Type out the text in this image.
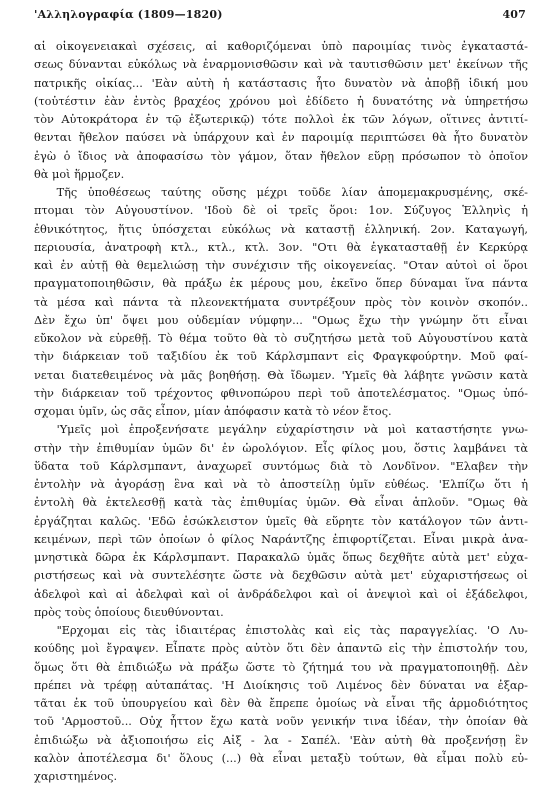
'Αλληλογραφία (1809—1820)	407

αἱ οἰκογενειακαὶ σχέσεις, αἱ καθοριζόμεναι ὑπὸ παροιμίας τινὸς ἐγκαταστά-
σεως δύνανται εὐκόλως νὰ ἐναρμονισθῶσιν καὶ νὰ ταυτισθῶσιν μετ' ἐκείνων τῆς
πατρικῆς οἰκίας... 'Εὰν αὐτὴ ἡ κατάστασις ἦτο δυνατὸν νὰ ἀποβῇ ἰδική μου
(τοὐτέστιν ἐὰν ἐντὸς βραχέος χρόνου μοὶ ἐδίδετο ἡ δυνατότης νὰ ὑπηρετήσω
τὸν Αὐτοκράτορα ἐν τῷ ἐξωτερικῷ) τότε πολλοὶ ἐκ τῶν λόγων, οἵτινες ἀντιτί-
θενται ἤθελον παύσει νὰ ὑπάρχουν καὶ ἐν παροιμίᾳ περιπτώσει θὰ ἦτο δυνατὸν
ἐγὼ ὁ ἴδιος νὰ ἀποφασίσω τὸν γάμον, ὅταν ἤθελον εὕρῃ πρόσωπον τὸ ὁποῖον
θὰ μοὶ ἥρμοζεν.

Τῆς ὑποθέσεως ταύτης οὔσης μέχρι τοῦδε λίαν ἀπομεμακρυσμένης, σκέ-
πτομαι τὸν Αὐγουστίνον. 'Ιδοὺ δὲ οἱ τρεῖς ὅροι: 1ον. Σύζυγος Ἑλληνὶς ἡ
ἐθνικότητος, ἥτις ὑπόσχεται εὐκόλως νὰ καταστῇ ἑλληνική. 2ον. Καταγωγή,
περιουσία, ἀνατροφὴ κτλ., κτλ., κτλ. 3ον. "Οτι θὰ ἐγκατασταθῇ ἐν Κερκύρᾳ
καὶ ἐν αὐτῇ θὰ θεμελιώσῃ τὴν συνέχισιν τῆς οἰκογενείας. "Οταν αὐτοὶ οἱ ὅροι
πραγματοποιηθῶσιν, θὰ πράξω ἐκ μέρους μου, ἐκεῖνο ὅπερ δύναμαι ἵνα πάντα
τὰ μέσα καὶ πάντα τὰ πλεονεκτήματα συντρέξουν πρὸς τὸν κοινὸν σκοπόν..
Δὲν ἔχω ὑπ' ὄψει μου οὐδεμίαν νύμφην... "Ομως ἔχω τὴν γνώμην ὅτι εἶναι
εὔκολον νὰ εὑρεθῇ. Τὸ θέμα τοῦτο θὰ τὸ συζητήσω μετὰ τοῦ Αὐγουστίνου κατὰ
τὴν διάρκειαν τοῦ ταξιδίου ἐκ τοῦ Κάρλσμπαντ εἰς Φραγκφούρτην. Μοῦ φαί-
νεται διατεθειμένος νὰ μᾶς βοηθήσῃ. Θὰ ἴδωμεν. 'Υμεῖς θὰ λάβητε γνῶσιν κατὰ
τὴν διάρκειαν τοῦ τρέχοντος φθινοπώρου περὶ τοῦ ἀποτελέσματος. "Ομως ὑπό-
σχομαι ὑμῖν, ὡς σᾶς εἶπον, μίαν ἀπόφασιν κατὰ τὸ νέον ἔτος.

'Υμεῖς μοὶ ἐπροξενήσατε μεγάλην εὐχαρίστησιν νὰ μοὶ καταστήσητε γνω-
στὴν τὴν ἐπιθυμίαν ὑμῶν δι' ἐν ὡρολόγιον. Εἷς φίλος μου, ὅστις λαμβάνει τὰ
ὕδατα τοῦ Κάρλσμπαντ, ἀναχωρεῖ συντόμως διὰ τὸ Λονδῖνον. "Ελαβεν τὴν
ἐντολὴν νὰ ἀγοράσῃ ἓνα καὶ νὰ τὸ ἀποστείλῃ ὑμῖν εὐθέως. 'Ελπίζω ὅτι ἡ
ἐντολὴ θὰ ἐκτελεσθῇ κατὰ τὰς ἐπιθυμίας ὑμῶν. Θὰ εἶναι ἁπλοῦν. "Ομως θὰ
ἐργάζηται καλῶς. 'Εδῶ ἐσώκλειστον ὑμεῖς θὰ εὕρητε τὸν κατάλογον τῶν ἀντι-
κειμένων, περὶ τῶν ὁποίων ὁ φίλος Ναράντζης ἐπιφορτίζεται. Εἶναι μικρὰ ἀνα-
μνηστικὰ δῶρα ἐκ Κάρλσμπαντ. Παρακαλῶ ὑμᾶς ὅπως δεχθῆτε αὐτὰ μετ' εὐχα-
ριστήσεως καὶ νὰ συντελέσητε ὥστε νὰ δεχθῶσιν αὐτὰ μετ' εὐχαριστήσεως οἱ
ἀδελφοὶ καὶ αἱ ἀδελφαὶ καὶ οἱ ἀνδράδελφοι καὶ οἱ ἀνεψιοὶ καὶ οἱ ἐξάδελφοι,
πρὸς τοὺς ὁποίους διευθύνονται.

"Ερχομαι εἰς τὰς ἰδιαιτέρας ἐπιστολὰς καὶ εἰς τὰς παραγγελίας. 'Ο Λυ-
κούδης μοὶ ἔγραψεν. Εἶπατε πρὸς αὐτὸν ὅτι δὲν ἀπαντῶ εἰς τὴν ἐπιστολήν του,
ὅμως ὅτι θὰ ἐπιδιώξω νὰ πράξω ὥστε τὸ ζήτημά του νὰ πραγματοποιηθῇ. Δὲν
πρέπει νὰ τρέφῃ αὐταπάτας. 'Η Διοίκησις τοῦ Λιμένος δὲν δύναται να ἐξαρ-
τᾶται ἐκ τοῦ ὑπουργείου καὶ δὲν θὰ ἔπρεπε ὁμοίως νὰ εἶναι τῆς ἁρμοδιότητος
τοῦ 'Αρμοστοῦ... Οὐχ ἧττον ἔχω κατὰ νοῦν γενικήν τινα ἰδέαν, τὴν ὁποίαν θὰ
ἐπιδιώξω νὰ ἀξιοποιήσω εἰς Αἰξ - λα - Σαπέλ. 'Εὰν αὐτὴ θὰ προξενήσῃ ἓν
καλὸν ἀποτέλεσμα δι' ὅλους (...) θὰ εἶναι μεταξὺ τούτων, θὰ εἶμαι πολὺ εὐ-
χαριστημένος.
